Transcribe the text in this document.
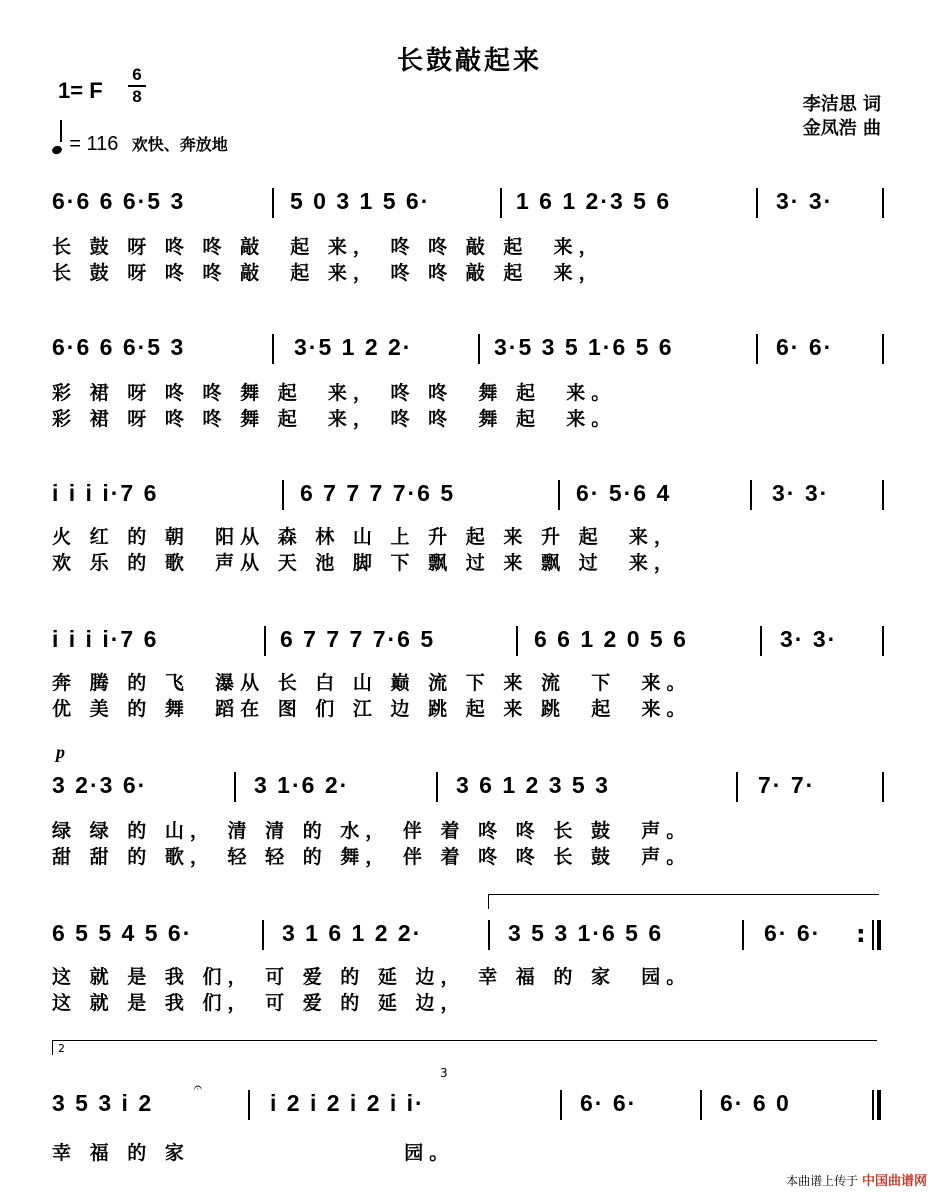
长鼓敲起来
1= F
6
8	李洁思 词
金凤浩 曲
= 116 欢快、奔放地
6·6 6 6·5 3	5 0 3 1 5 6·	1 6 1 2·3 5 6	3· 3·
长 鼓 呀 咚 咚 敲  起 来， 咚 咚 敲 起  来，
长 鼓 呀 咚 咚 敲  起 来， 咚 咚 敲 起  来，
6·6 6 6·5 3	3·5 1 2 2·	3·5 3 5 1·6 5 6	6· 6·
彩 裙 呀 咚 咚 舞 起  来， 咚 咚  舞 起  来。
彩 裙 呀 咚 咚 舞 起  来， 咚 咚  舞 起  来。
i i i i·7 6	6 7 7 7 7·6 5	6· 5·6 4	3· 3·
火 红 的 朝  阳从 森 林 山 上 升 起 来 升 起  来，
欢 乐 的 歌  声从 天 池 脚 下 飘 过 来 飘 过  来，
i i i i·7 6	6 7 7 7 7·6 5	6 6 1 2 0 5 6	3· 3·
奔 腾 的 飞  瀑从 长 白 山 巅 流 下 来 流  下  来。
优 美 的 舞  蹈在 图 们 江 边 跳 起 来 跳  起  来。
p
3 2·3 6·	3 1·6 2·	3 6 1 2 3 5 3	7· 7·
绿 绿 的 山， 清 清 的 水， 伴 着 咚 咚 长 鼓  声。
甜 甜 的 歌， 轻 轻 的 舞， 伴 着 咚 咚 长 鼓  声。
6 5 5 4 5 6·	3 1 6 1 2 2·	3 5 3 1·6 5 6	6· 6· :
这 就 是 我 们， 可 爱 的 延 边， 幸 福 的 家  园。
这 就 是 我 们， 可 爱 的 延 边，
2
3
𝄐
3 5 3 i 2	i 2 i 2 i 2 i i·	6· 6·	6· 6 0
幸 福 的 家                 园。
本曲谱上传于 中国曲谱网
